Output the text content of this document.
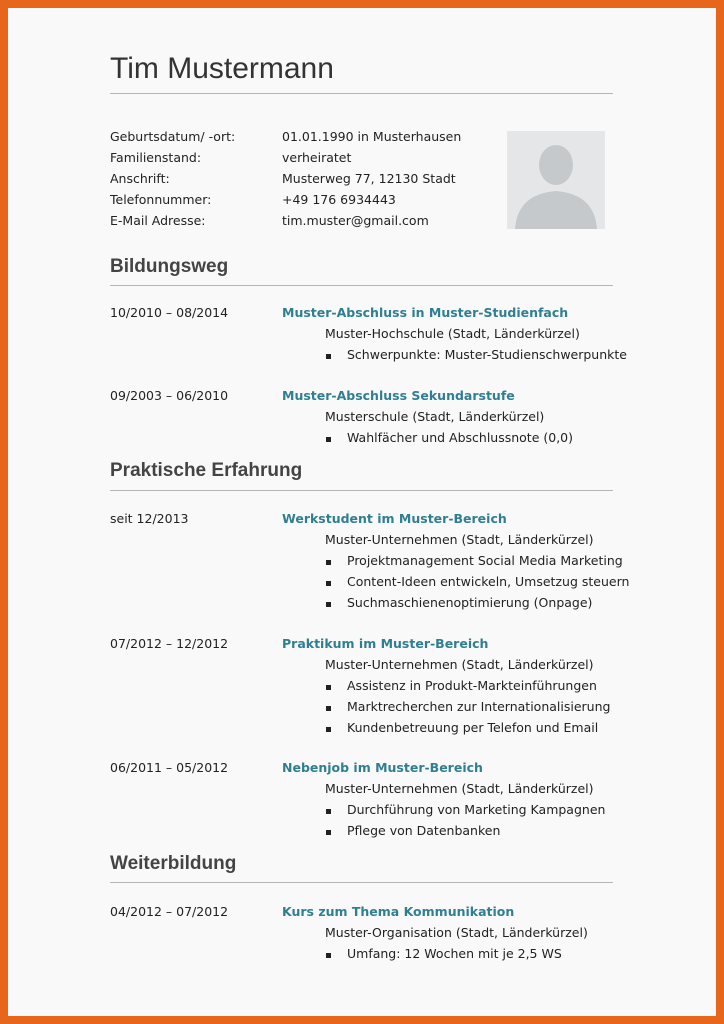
Tim Mustermann
Geburtsdatum/ -ort:	01.01.1990 in Musterhausen
Familienstand:	verheiratet
Anschrift:	Musterweg 77, 12130 Stadt
Telefonnummer:	+49 176 6934443
E-Mail Adresse:	tim.muster@gmail.com
Bildungsweg
10/2010 – 08/2014	Muster-Abschluss in Muster-Studienfach
Muster-Hochschule (Stadt, Länderkürzel)
Schwerpunkte: Muster-Studienschwerpunkte
09/2003 – 06/2010	Muster-Abschluss Sekundarstufe
Musterschule (Stadt, Länderkürzel)
Wahlfächer und Abschlussnote (0,0)
Praktische Erfahrung
seit 12/2013	Werkstudent im Muster-Bereich
Muster-Unternehmen (Stadt, Länderkürzel)
Projektmanagement Social Media Marketing
Content-Ideen entwickeln, Umsetzug steuern
Suchmaschienenoptimierung (Onpage)
07/2012 – 12/2012	Praktikum im Muster-Bereich
Muster-Unternehmen (Stadt, Länderkürzel)
Assistenz in Produkt-Markteinführungen
Marktrecherchen zur Internationalisierung
Kundenbetreuung per Telefon und Email
06/2011 – 05/2012	Nebenjob im Muster-Bereich
Muster-Unternehmen (Stadt, Länderkürzel)
Durchführung von Marketing Kampagnen
Pflege von Datenbanken
Weiterbildung
04/2012 – 07/2012	Kurs zum Thema Kommunikation
Muster-Organisation (Stadt, Länderkürzel)
Umfang: 12 Wochen mit je 2,5 WS
